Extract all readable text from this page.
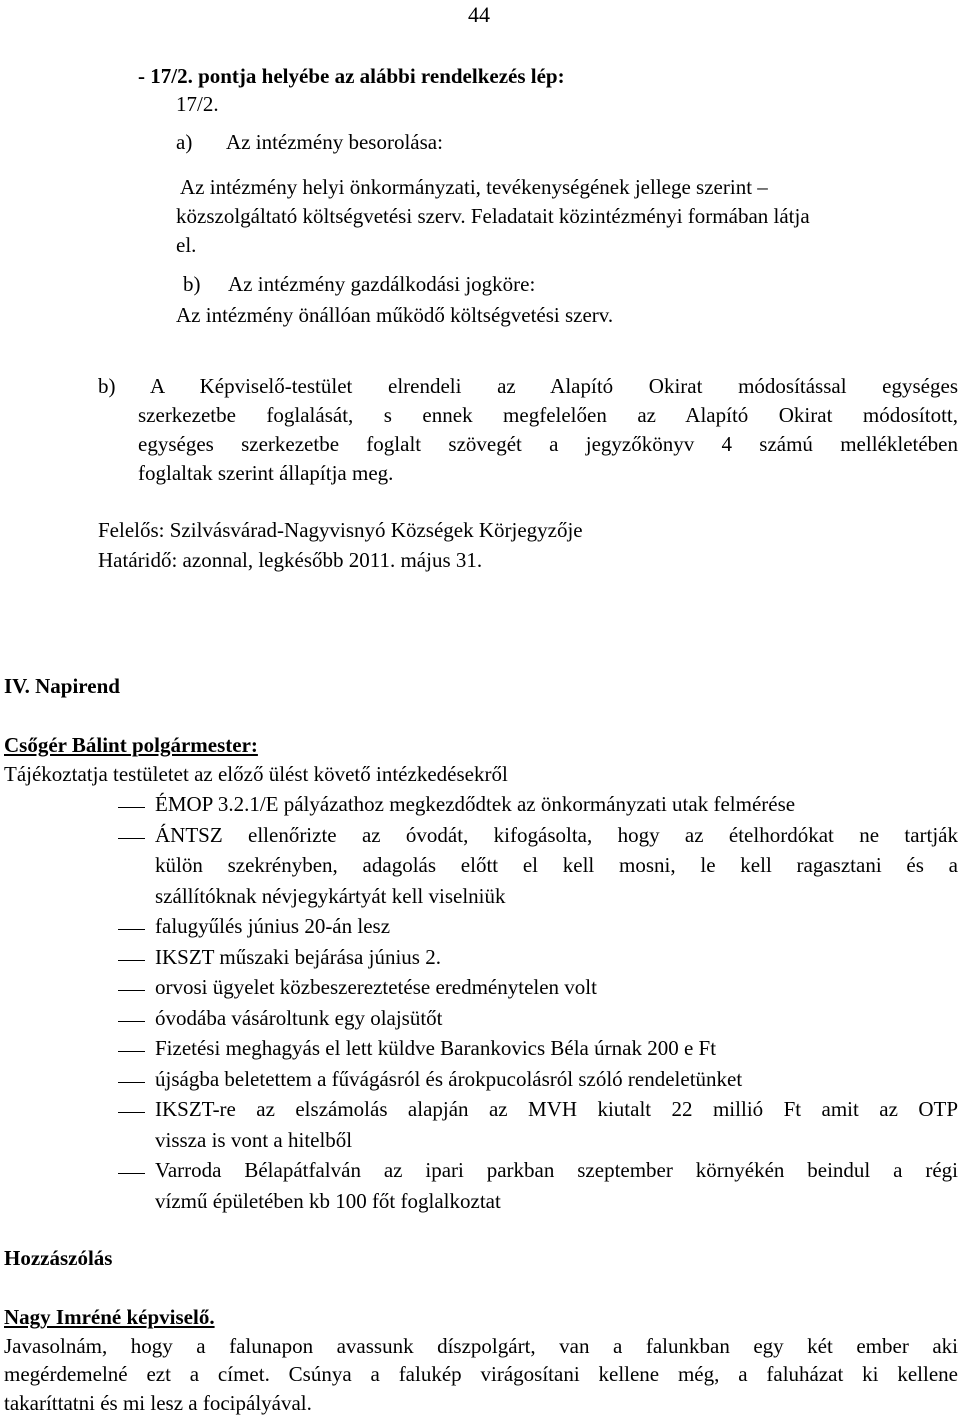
44
- 17/2. pontja helyébe az alábbi rendelkezés lép:
17/2.
a) Az intézmény besorolása:
Az intézmény helyi önkormányzati, tevékenységének jellege szerint –
közszolgáltató költségvetési szerv. Feladatait közintézményi formában látja
el.
b) Az intézmény gazdálkodási jogköre:
Az intézmény önállóan működő költségvetési szerv.
b) A Képviselő-testület elrendeli az Alapító Okirat módosítással egységes
szerkezetbe foglalását, s ennek megfelelően az Alapító Okirat módosított,
egységes szerkezetbe foglalt szövegét a jegyzőkönyv 4 számú mellékletében
foglaltak szerint állapítja meg.
Felelős: Szilvásvárad-Nagyvisnyó Községek Körjegyzője
Határidő: azonnal, legkésőbb 2011. május 31.
IV. Napirend
Csőgér Bálint polgármester:
Tájékoztatja testületet az előző ülést követő intézkedésekről
ÉMOP 3.2.1/E pályázathoz megkezdődtek az önkormányzati utak felmérése
ÁNTSZ ellenőrizte az óvodát, kifogásolta, hogy az ételhordókat ne tartják
külön szekrényben, adagolás előtt el kell mosni, le kell ragasztani és a
szállítóknak névjegykártyát kell viselniük
falugyűlés június 20-án lesz
IKSZT műszaki bejárása június 2.
orvosi ügyelet közbeszereztetése eredménytelen volt
óvodába vásároltunk egy olajsütőt
Fizetési meghagyás el lett küldve Barankovics Béla úrnak 200 e Ft
újságba beletettem a fűvágásról és árokpucolásról szóló rendeletünket
IKSZT-re az elszámolás alapján az MVH kiutalt 22 millió Ft amit az OTP
vissza is vont a hitelből
Varroda Bélapátfalván az ipari parkban szeptember környékén beindul a régi
vízmű épületében kb 100 főt foglalkoztat
Hozzászólás
Nagy Imréné képviselő.
Javasolnám, hogy a falunapon avassunk díszpolgárt, van a falunkban egy két ember aki
megérdemelné ezt a címet. Csúnya a falukép virágosítani kellene még, a faluházat ki kellene
takaríttatni és mi lesz a focipályával.
